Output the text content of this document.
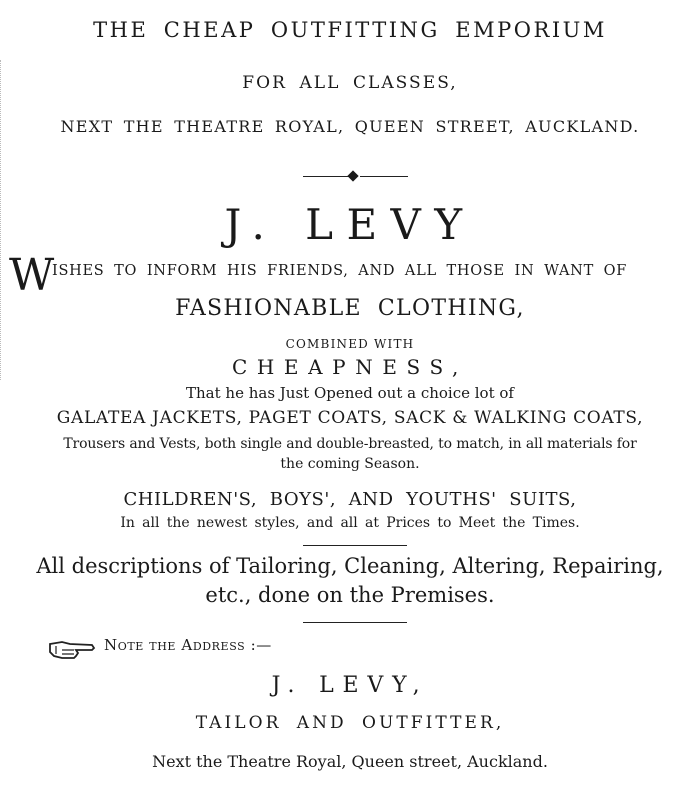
THE CHEAP OUTFITTING EMPORIUM
FOR ALL CLASSES,
NEXT THE THEATRE ROYAL, QUEEN STREET, AUCKLAND.
J. LEVY
W
ISHES TO INFORM HIS FRIENDS, AND ALL THOSE IN WANT OF
FASHIONABLE CLOTHING,
COMBINED WITH
CHEAPNESS,
That he has Just Opened out a choice lot of
GALATEA JACKETS, PAGET COATS, SACK & WALKING COATS,
Trousers and Vests, both single and double-breasted, to match, in all materials for
the coming Season.
CHILDREN'S, BOYS', AND YOUTHS' SUITS,
In all the newest styles, and all at Prices to Meet the Times.
All descriptions of Tailoring, Cleaning, Altering, Repairing,
etc., done on the Premises.
Note the Address :—
J. LEVY,
TAILOR AND OUTFITTER,
Next the Theatre Royal, Queen street, Auckland.
